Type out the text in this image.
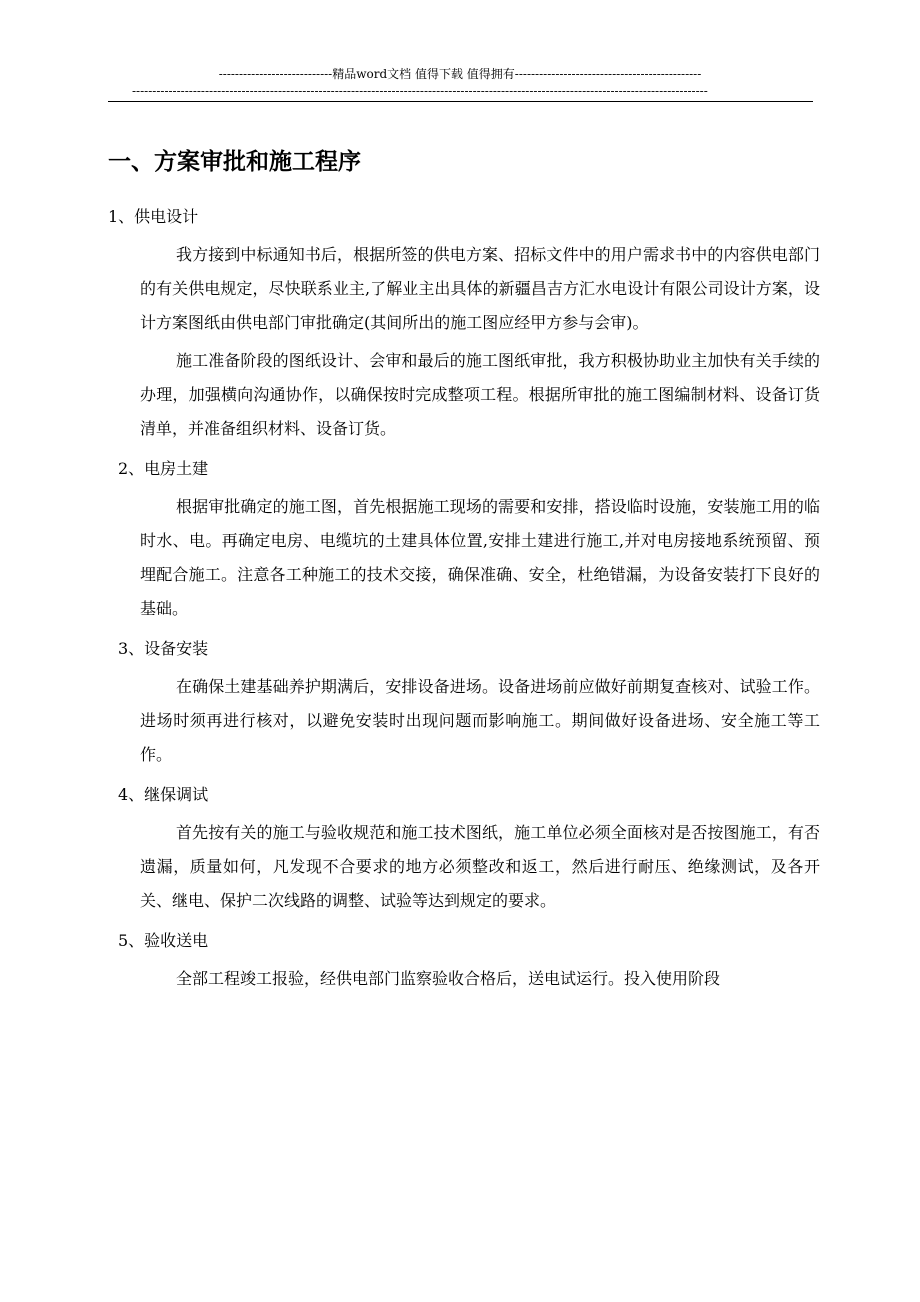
----------------------------精品word文档 值得下载 值得拥有----------------------------------------------
----------------------------------------------------------------------------------------------------------------------------------------------
一、方案审批和施工程序

1、供电设计

我方接到中标通知书后，根据所签的供电方案、招标文件中的用户需求书中的内容供电部门的有关供电规定，尽快联系业主,了解业主出具体的新疆昌吉方汇水电设计有限公司设计方案，设计方案图纸由供电部门审批确定(其间所出的施工图应经甲方参与会审)。

施工准备阶段的图纸设计、会审和最后的施工图纸审批，我方积极协助业主加快有关手续的办理，加强横向沟通协作，以确保按时完成整项工程。根据所审批的施工图编制材料、设备订货清单，并准备组织材料、设备订货。

2、电房土建

根据审批确定的施工图，首先根据施工现场的需要和安排，搭设临时设施，安装施工用的临时水、电。再确定电房、电缆坑的土建具体位置,安排土建进行施工,并对电房接地系统预留、预埋配合施工。注意各工种施工的技术交接，确保准确、安全，杜绝错漏，为设备安装打下良好的基础。

3、设备安装

在确保土建基础养护期满后，安排设备进场。设备进场前应做好前期复查核对、试验工作。进场时须再进行核对，以避免安装时出现问题而影响施工。期间做好设备进场、安全施工等工作。

4、继保调试

首先按有关的施工与验收规范和施工技术图纸，施工单位必须全面核对是否按图施工，有否遗漏，质量如何，凡发现不合要求的地方必须整改和返工，然后进行耐压、绝缘测试，及各开关、继电、保护二次线路的调整、试验等达到规定的要求。

5、验收送电

全部工程竣工报验，经供电部门监察验收合格后，送电试运行。投入使用阶段
